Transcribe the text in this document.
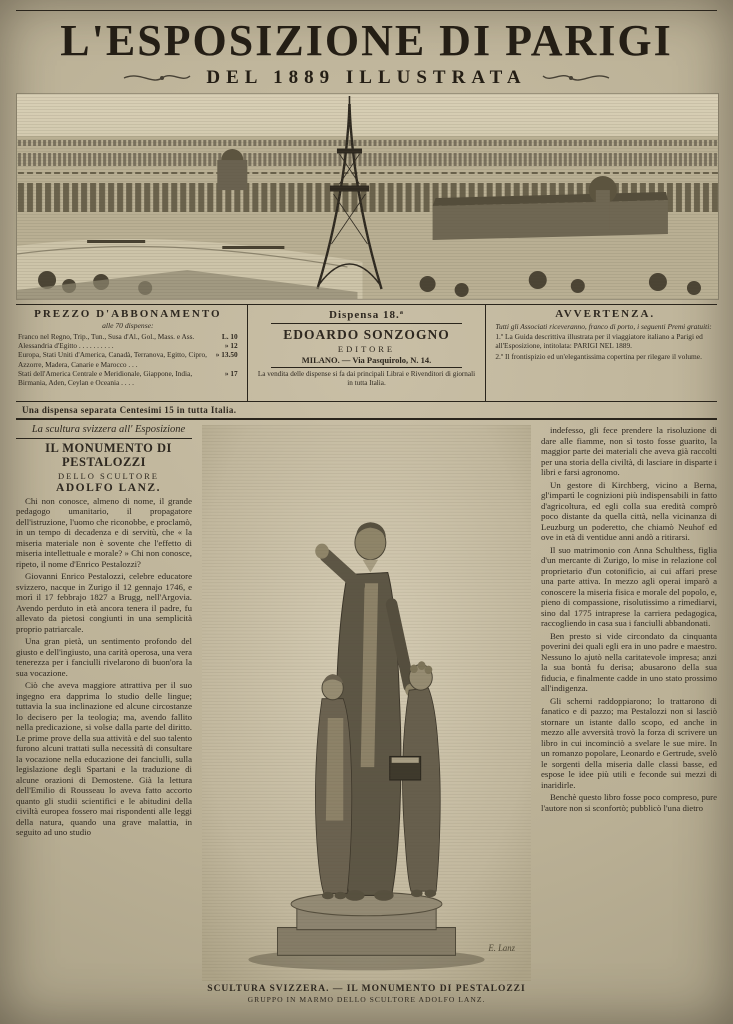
L'ESPOSIZIONE DI PARIGI
DEL 1889 ILLUSTRATA
PREZZO D'ABBONAMENTO
alle 70 dispense:
Franco nel Regno, Trip., Tun., Susa d'Al., Gol., Mass. e Ass.	L. 10
Alessandria d'Egitto . . . . . . . . . .	» 12
Europa, Stati Uniti d'America, Canadà, Terranova, Egitto, Cipro, Azzorre, Madera, Canarie e Marocco . . .
» 13.50
Stati dell'America Centrale e Meridionale, Giappone, India, Birmania, Aden, Ceylan e Oceania . . . .
» 17
Dispensa 18.ª
EDOARDO SONZOGNO
EDITORE
MILANO. — Via Pasquirolo, N. 14.
La vendita delle dispense si fa dai principali Librai e Rivenditori di giornali in tutta Italia.
AVVERTENZA.

Tutti gli Associati riceveranno, franco di porto, i seguenti Premi gratuiti:

1.º La Guida descrittiva illustrata per il viaggiatore italiano a Parigi ed all'Esposizione, intitolata: PARIGI NEL 1889.

2.º Il frontispizio ed un'elegantissima copertina per rilegare il volume.

Una dispensa separata Centesimi 15 in tutta Italia.

La scultura svizzera all' Esposizione

IL MONUMENTO DI PESTALOZZI

DELLO SCULTORE

ADOLFO LANZ.

Chi non conosce, almeno di nome, il grande pedagogo umanitario, il propagatore dell'istruzione, l'uomo che riconobbe, e proclamò, in un tempo di decadenza e di servitù, che « la miseria materiale non è sovente che l'effetto di miseria intellettuale e morale? » Chi non conosce, ripeto, il nome d'Enrico Pestalozzi?

Giovanni Enrico Pestalozzi, celebre educatore svizzero, nacque in Zurigo il 12 gennajo 1746, e morì il 17 febbrajo 1827 a Brugg, nell'Argovia. Avendo perduto in età ancora tenera il padre, fu allevato da pietosi congiunti in una semplicità proprio patriarcale.

Una gran pietà, un sentimento profondo del giusto e dell'ingiusto, una carità operosa, una vera tenerezza per i fanciulli rivelarono di buon'ora la sua vocazione.

Ciò che aveva maggiore attrattiva per il suo ingegno era dapprima lo studio delle lingue; tuttavia la sua inclinazione ed alcune circostanze lo decisero per la teologia; ma, avendo fallito nella predicazione, si volse dalla parte del diritto. Le prime prove della sua attività e del suo talento furono alcuni trattati sulla necessità di consultare la vocazione nella educazione dei fanciulli, sulla legislazione degli Spartani e la traduzione di alcune orazioni di Demostene. Già la lettura dell'Emilio di Rousseau lo aveva fatto accorto quanto gli studii scientifici e le abitudini della civiltà europea fossero mai rispondenti alle leggi della natura, quando una grave malattia, in seguito ad uno studio

E. Lanz
SCULTURA SVIZZERA. — IL MONUMENTO DI PESTALOZZI
GRUPPO IN MARMO DELLO SCULTORE ADOLFO LANZ.

indefesso, gli fece prendere la risoluzione di dare alle fiamme, non sì tosto fosse guarito, la maggior parte dei materiali che aveva già raccolti per una storia della civiltà, di lasciare in disparte i libri e farsi agronomo.

Un gestore di Kirchberg, vicino a Berna, gl'impartì le cognizioni più indispensabili in fatto d'agricoltura, ed egli colla sua eredità comprò poco distante da quella città, nella vicinanza di Leuzburg un poderetto, che chiamò Neuhof ed ove in età di ventidue anni andò a ritirarsi.

Il suo matrimonio con Anna Schulthess, figlia d'un mercante di Zurigo, lo mise in relazione col proprietario d'un cotonificio, ai cui affari prese una parte attiva. In mezzo agli operai imparò a conoscere la miseria fisica e morale del popolo, e, pieno di compassione, risolutissimo a rimediarvi, sino dal 1775 intraprese la carriera pedagogica, raccogliendo in casa sua i fanciulli abbandonati.

Ben presto si vide circondato da cinquanta poverini dei quali egli era in uno padre e maestro. Nessuno lo ajutò nella caritatevole impresa; anzi la sua bontà fu derisa; abusarono della sua fiducia, e finalmente cadde in uno stato prossimo all'indigenza.

Gli scherni raddoppiarono; lo trattarono di fanatico e di pazzo; ma Pestalozzi non si lasciò stornare un istante dallo scopo, ed anche in mezzo alle avversità trovò la forza di scrivere un libro in cui incominciò a svelare le sue mire. In un romanzo popolare, Leonardo e Gertrude, svelò le sorgenti della miseria dalle classi basse, ed espose le idee più utili e feconde sui mezzi di inaridirle.

Benchè questo libro fosse poco compreso, pure l'autore non si sconfortò; pubblicò l'una dietro
